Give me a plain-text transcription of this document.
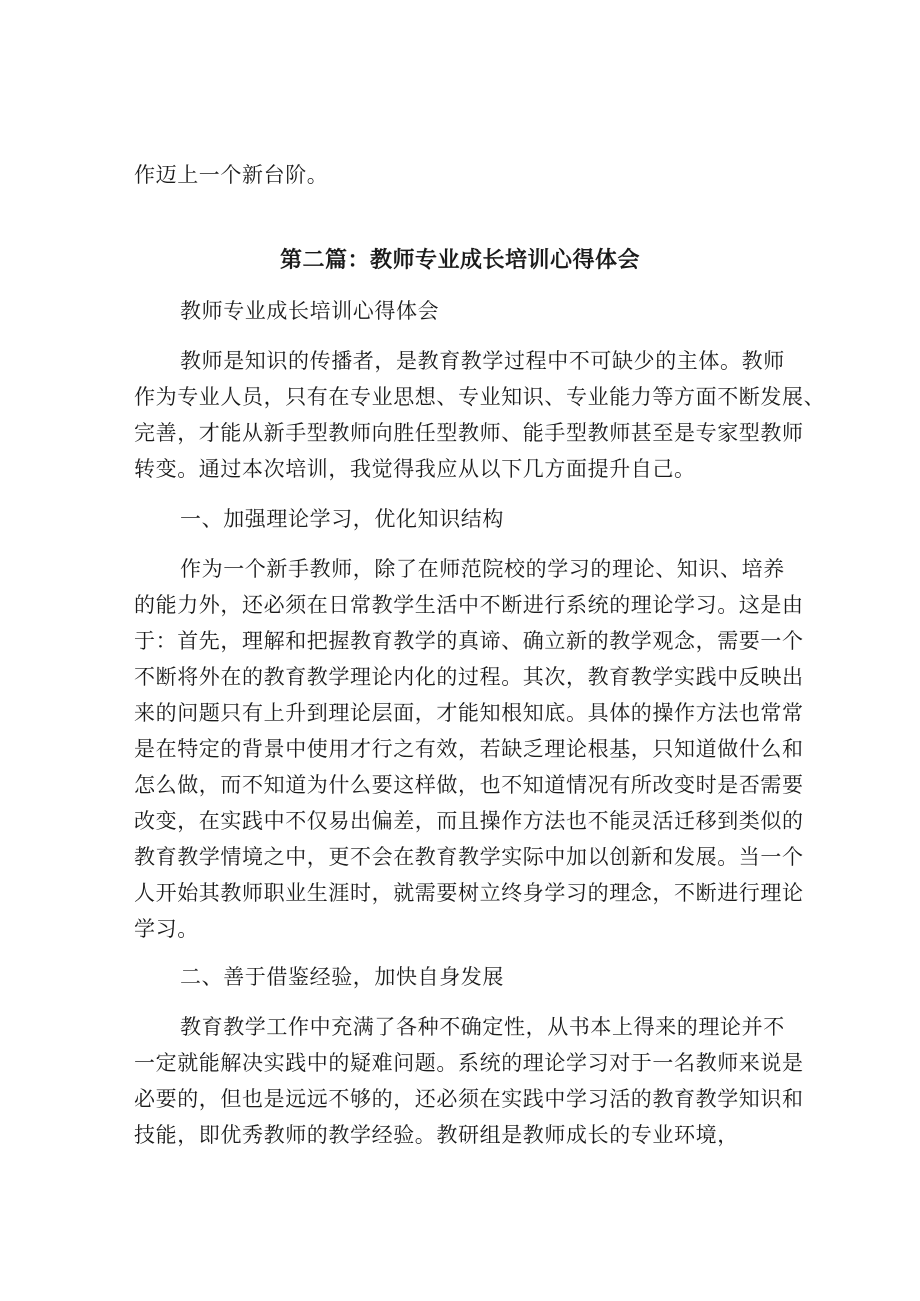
作迈上一个新台阶。
第二篇：教师专业成长培训心得体会
教师专业成长培训心得体会
教师是知识的传播者，是教育教学过程中不可缺少的主体。教师
作为专业人员，只有在专业思想、专业知识、专业能力等方面不断发展、
完善，才能从新手型教师向胜任型教师、能手型教师甚至是专家型教师
转变。通过本次培训，我觉得我应从以下几方面提升自己。
一、加强理论学习，优化知识结构
作为一个新手教师，除了在师范院校的学习的理论、知识、培养
的能力外，还必须在日常教学生活中不断进行系统的理论学习。这是由
于：首先，理解和把握教育教学的真谛、确立新的教学观念，需要一个
不断将外在的教育教学理论内化的过程。其次，教育教学实践中反映出
来的问题只有上升到理论层面，才能知根知底。具体的操作方法也常常
是在特定的背景中使用才行之有效，若缺乏理论根基，只知道做什么和
怎么做，而不知道为什么要这样做，也不知道情况有所改变时是否需要
改变，在实践中不仅易出偏差，而且操作方法也不能灵活迁移到类似的
教育教学情境之中，更不会在教育教学实际中加以创新和发展。当一个
人开始其教师职业生涯时，就需要树立终身学习的理念，不断进行理论
学习。
二、善于借鉴经验，加快自身发展
教育教学工作中充满了各种不确定性，从书本上得来的理论并不
一定就能解决实践中的疑难问题。系统的理论学习对于一名教师来说是
必要的，但也是远远不够的，还必须在实践中学习活的教育教学知识和
技能，即优秀教师的教学经验。教研组是教师成长的专业环境，
